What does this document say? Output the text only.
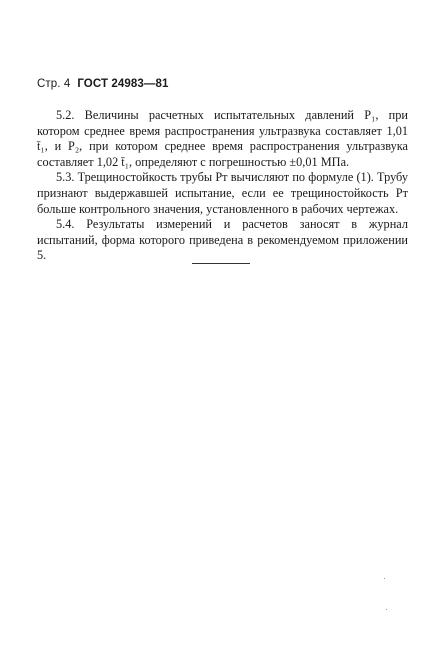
Стр. 4 ГОСТ 24983—81

5.2. Величины расчетных испытательных давлений P₁, при котором среднее время распространения ультразвука составляет 1,01 t̄₁, и P₂, при котором среднее время распространения ультразвука составляет 1,02 t̄₁, определяют с погрешностью ±0,01 МПа.

5.3. Трещиностойкость трубы Pт вычисляют по формуле (1). Трубу признают выдержавшей испытание, если ее трещиностойкость Pт больше контрольного значения, установленного в рабочих чертежах.

5.4. Результаты измерений и расчетов заносят в журнал испытаний, форма которого приведена в рекомендуемом приложении 5.
